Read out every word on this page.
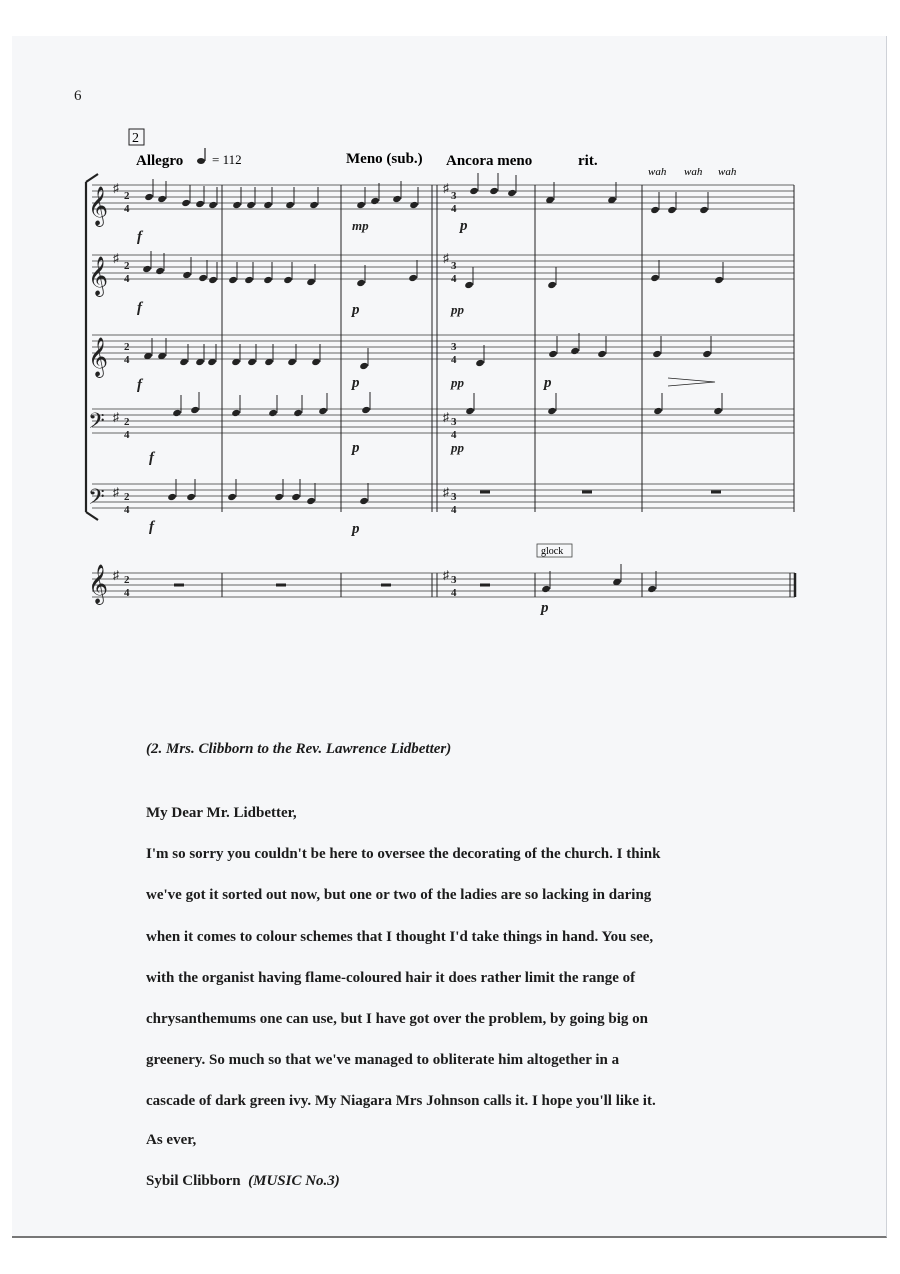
6
2
Allegro = 112	Meno (sub.) Ancora meno	rit.
wah wah wah
𝄞
𝄞
𝄞
𝄢
𝄢
𝄞
♯
♯
♯
♯
♯
♯
♯
♯
♯
♯
2
4
2
4
2
4
2
4
2
4
2
4
3
4
3
4
3
4
3
4
3
4
3
4
f
f
f
f
f
mp
p
p
p
p
p
pp
pp
pp
p
p
glock
(2. Mrs. Clibborn to the Rev. Lawrence Lidbetter)
My Dear Mr. Lidbetter,
I'm so sorry you couldn't be here to oversee the decorating of the church. I think
we've got it sorted out now, but one or two of the ladies are so lacking in daring
when it comes to colour schemes that I thought I'd take things in hand. You see,
with the organist having flame-coloured hair it does rather limit the range of
chrysanthemums one can use, but I have got over the problem, by going big on
greenery. So much so that we've managed to obliterate him altogether in a
cascade of dark green ivy. My Niagara Mrs Johnson calls it. I hope you'll like it.
As ever,
Sybil Clibborn (MUSIC No.3)
